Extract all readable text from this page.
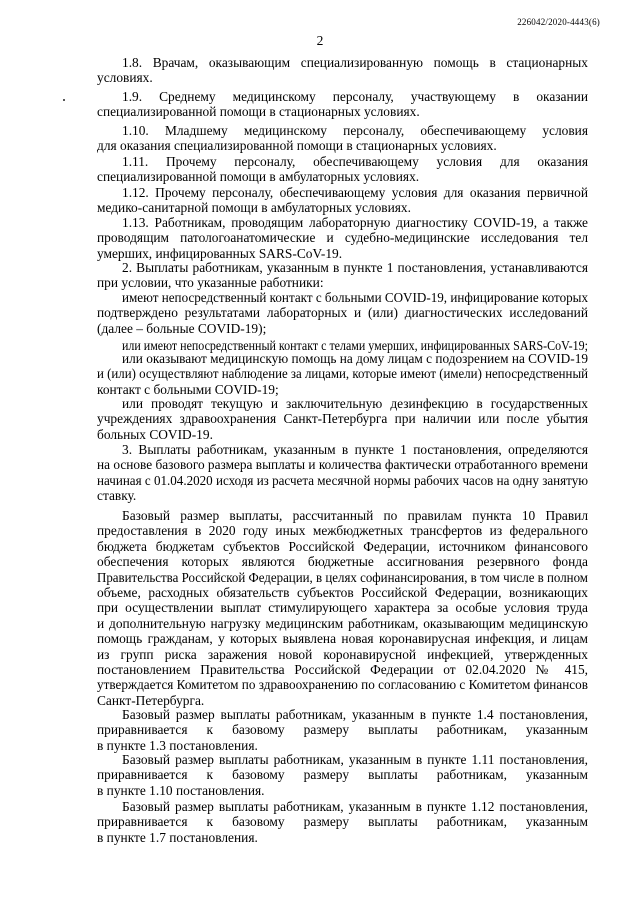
226042/2020-4443(6)
2
1.8. Врачам, оказывающим специализированную помощь в стационарных
условиях.
1.9. Среднему медицинскому персоналу, участвующему в оказании
специализированной помощи в стационарных условиях.
1.10. Младшему медицинскому персоналу, обеспечивающему условия
для оказания специализированной помощи в стационарных условиях.
1.11. Прочему персоналу, обеспечивающему условия для оказания
специализированной помощи в амбулаторных условиях.
1.12. Прочему персоналу, обеспечивающему условия для оказания первичной
медико-санитарной помощи в амбулаторных условиях.
1.13. Работникам, проводящим лабораторную диагностику COVID-19, а также
проводящим патологоанатомические и судебно-медицинские исследования тел
умерших, инфицированных SARS-CoV-19.
2. Выплаты работникам, указанным в пункте 1 постановления, устанавливаются
при условии, что указанные работники:
имеют непосредственный контакт с больными COVID-19, инфицирование которых
подтверждено результатами лабораторных и (или) диагностических исследований
(далее – больные COVID-19);
или имеют непосредственный контакт с телами умерших, инфицированных SARS-CoV-19;
или оказывают медицинскую помощь на дому лицам с подозрением на COVID-19
и (или) осуществляют наблюдение за лицами, которые имеют (имели) непосредственный
контакт с больными COVID-19;
или проводят текущую и заключительную дезинфекцию в государственных
учреждениях здравоохранения Санкт-Петербурга при наличии или после убытия
больных COVID-19.
3. Выплаты работникам, указанным в пункте 1 постановления, определяются
на основе базового размера выплаты и количества фактически отработанного времени
начиная с 01.04.2020 исходя из расчета месячной нормы рабочих часов на одну занятую
ставку.
Базовый размер выплаты, рассчитанный по правилам пункта 10 Правил
предоставления в 2020 году иных межбюджетных трансфертов из федерального
бюджета бюджетам субъектов Российской Федерации, источником финансового
обеспечения которых являются бюджетные ассигнования резервного фонда
Правительства Российской Федерации, в целях софинансирования, в том числе в полном
объеме, расходных обязательств субъектов Российской Федерации, возникающих
при осуществлении выплат стимулирующего характера за особые условия труда
и дополнительную нагрузку медицинским работникам, оказывающим медицинскую
помощь гражданам, у которых выявлена новая коронавирусная инфекция, и лицам
из групп риска заражения новой коронавирусной инфекцией, утвержденных
постановлением Правительства Российской Федерации от 02.04.2020 № 415,
утверждается Комитетом по здравоохранению по согласованию с Комитетом финансов
Санкт-Петербурга.
Базовый размер выплаты работникам, указанным в пункте 1.4 постановления,
приравнивается к базовому размеру выплаты работникам, указанным
в пункте 1.3 постановления.
Базовый размер выплаты работникам, указанным в пункте 1.11 постановления,
приравнивается к базовому размеру выплаты работникам, указанным
в пункте 1.10 постановления.
Базовый размер выплаты работникам, указанным в пункте 1.12 постановления,
приравнивается к базовому размеру выплаты работникам, указанным
в пункте 1.7 постановления.
